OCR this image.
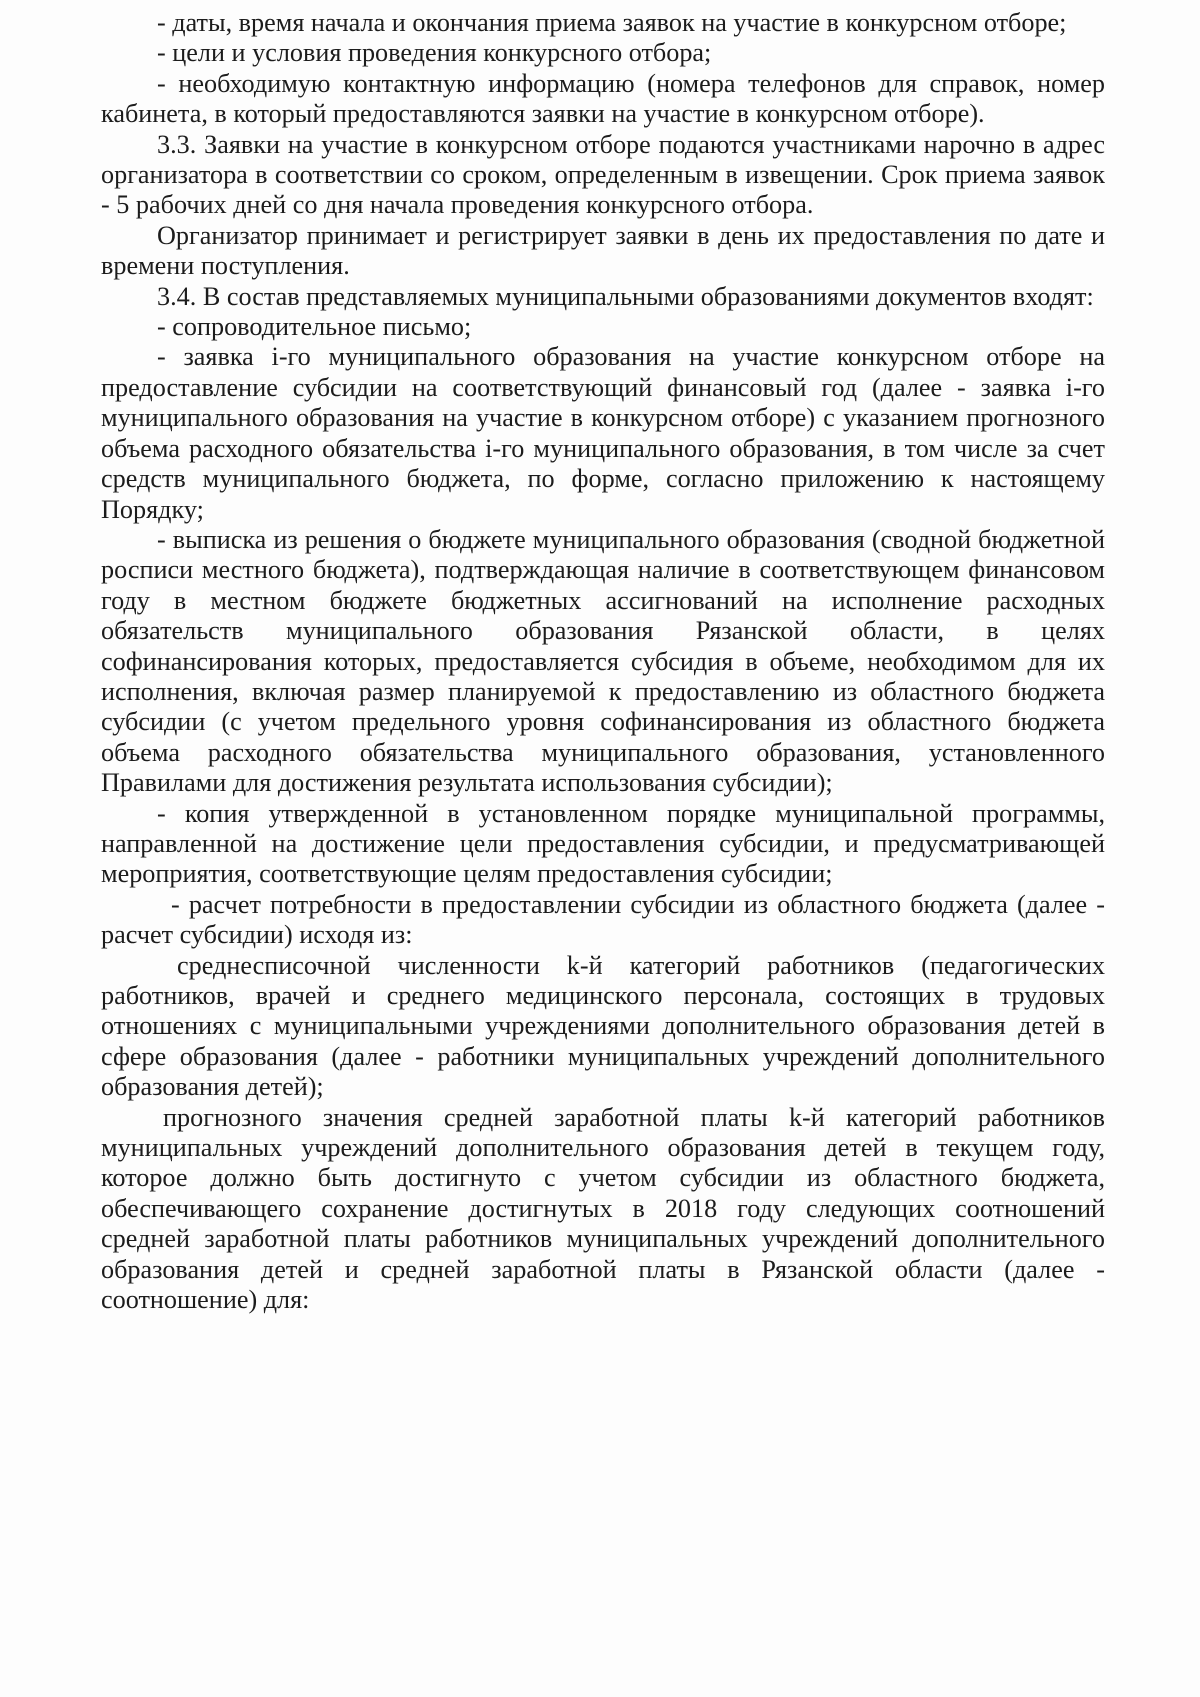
- даты, время начала и окончания приема заявок на участие в конкурсном отборе;

- цели и условия проведения конкурсного отбора;

- необходимую контактную информацию (номера телефонов для справок, номер кабинета, в который предоставляются заявки на участие в конкурсном отборе).

3.3. Заявки на участие в конкурсном отборе подаются участниками нарочно в адрес организатора в соответствии со сроком, определенным в извещении. Срок приема заявок - 5 рабочих дней со дня начала проведения конкурсного отбора.

Организатор принимает и регистрирует заявки в день их предоставления по дате и времени поступления.

3.4. В состав представляемых муниципальными образованиями документов входят:

- сопроводительное письмо;

- заявка i-го муниципального образования на участие конкурсном отборе на предоставление субсидии на соответствующий финансовый год (далее - заявка i-го муниципального образования на участие в конкурсном отборе) с указанием прогнозного объема расходного обязательства i-го муниципального образования, в том числе за счет средств муниципального бюджета, по форме, согласно приложению к настоящему Порядку;

- выписка из решения о бюджете муниципального образования (сводной бюджетной росписи местного бюджета), подтверждающая наличие в соответствующем финансовом году в местном бюджете бюджетных ассигнований на исполнение расходных обязательств муниципального образования Рязанской области, в целях софинансирования которых, предоставляется субсидия в объеме, необходимом для их исполнения, включая размер планируемой к предоставлению из областного бюджета субсидии (с учетом предельного уровня софинансирования из областного бюджета объема расходного обязательства муниципального образования, установленного Правилами для достижения результата использования субсидии);

- копия утвержденной в установленном порядке муниципальной программы, направленной на достижение цели предоставления субсидии, и предусматривающей мероприятия, соответствующие целям предоставления субсидии;

- расчет потребности в предоставлении субсидии из областного бюджета (далее - расчет субсидии) исходя из:

среднесписочной численности k-й категорий работников (педагогических работников, врачей и среднего медицинского персонала, состоящих в трудовых отношениях с муниципальными учреждениями дополнительного образования детей в сфере образования (далее - работники муниципальных учреждений дополнительного образования детей);

прогнозного значения средней заработной платы k-й категорий работников муниципальных учреждений дополнительного образования детей в текущем году, которое должно быть достигнуто с учетом субсидии из областного бюджета, обеспечивающего сохранение достигнутых в 2018 году следующих соотношений средней заработной платы работников муниципальных учреждений дополнительного образования детей и средней заработной платы в Рязанской области (далее - соотношение) для:
